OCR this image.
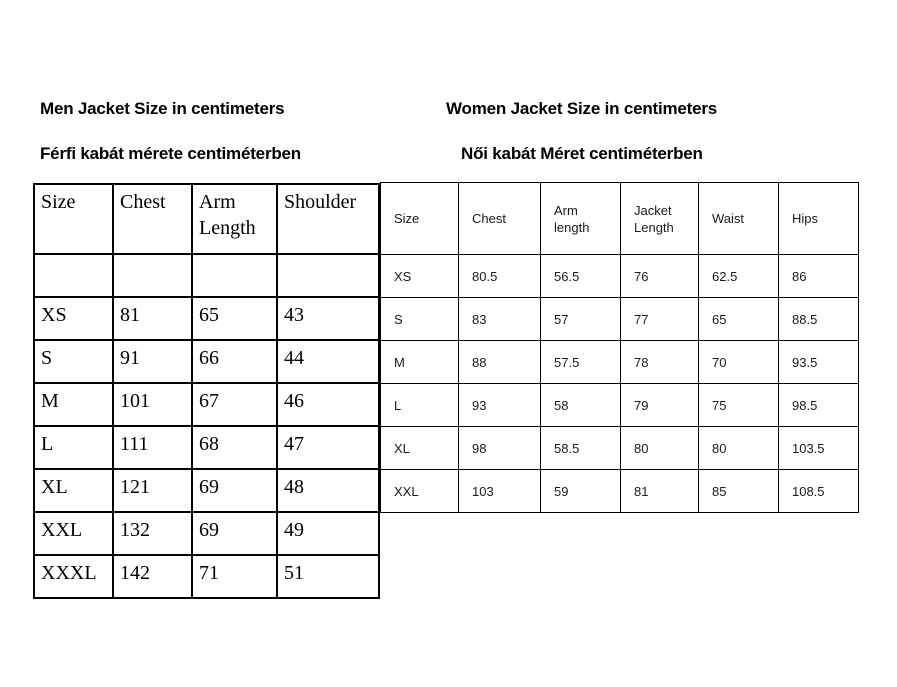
Men Jacket Size in centimeters	Women Jacket Size in centimeters
Férfi kabát mérete centiméterben	Női kabát Méret centiméterben
Size	Chest	Arm Length	Shoulder

XS	81	65	43
S	91	66	44
M	101	67	46
L	111	68	47
XL	121	69	48
XXL	132	69	49
XXXL	142	71	51
Size	Chest	Arm length	Jacket Length	Waist	Hips
XS	80.5	56.5	76	62.5	86
S	83	57	77	65	88.5
M	88	57.5	78	70	93.5
L	93	58	79	75	98.5
XL	98	58.5	80	80	103.5
XXL	103	59	81	85	108.5
